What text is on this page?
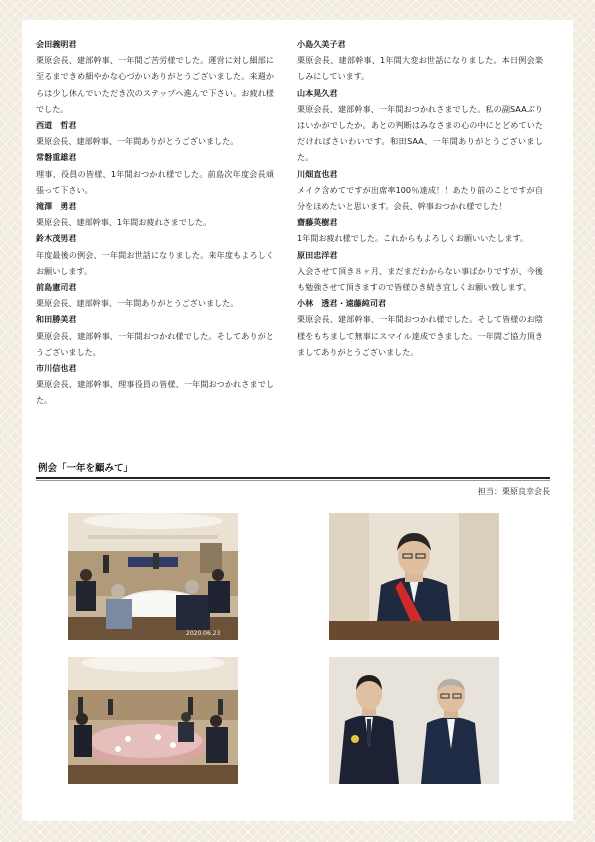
会田義明君
栗原会長、建部幹事、一年間ご苦労様でした。運営に対し細部に至るまできめ細やかな心づかいありがとうございました。来週からは少し休んでいただき次のステップへ進んで下さい。お疲れ様でした。
西道　哲君
栗原会長、建部幹事、一年間ありがとうございました。
常磐重雄君
理事、役員の皆様、1年間おつかれ様でした。前島次年度会長頑張って下さい。
滝澤　勇君
栗原会長、建部幹事、1年間お疲れさまでした。
鈴木茂男君
年度最後の例会、一年間お世話になりました。来年度もよろしくお願いします。
前島憲司君
栗原会長、建部幹事、一年間ありがとうございました。
和田勝美君
栗原会長、建部幹事、一年間おつかれ様でした。そしてありがとうございました。
市川信也君
栗原会長、建部幹事、理事役員の皆様、一年間おつかれさまでした。
小島久美子君
栗原会長、建部幹事、1年間大変お世話になりました。本日例会楽しみにしています。
山本晃久君
栗原会長、建部幹事、一年間おつかれさまでした。私の副SAAぶりはいかがでしたか。あとの判断はみなさまの心の中にとどめていただければさいわいです。和田SAA、一年間ありがとうございました。
川畑直也君
メイク含めてですが出席率100％達成！！あたり前のことですが自分をほめたいと思います。会長、幹事おつかれ様でした！
齋藤英樹君
1年間お疲れ様でした。これからもよろしくお願いいたします。
原田忠洋君
入会させて頂き８ヶ月、まだまだわからない事ばかりですが、今後も勉強させて頂きますので皆様ひき続き宜しくお願い致します。
小林　透君・遠藤純司君
栗原会長、建部幹事、一年間おつかれ様でした。そして皆様のお陰様をもちまして無事にスマイル達成できました。一年間ご協力頂きましてありがとうございました。
例会「一年を顧みて」
担当：栗原良幸会長
2020.06.23
